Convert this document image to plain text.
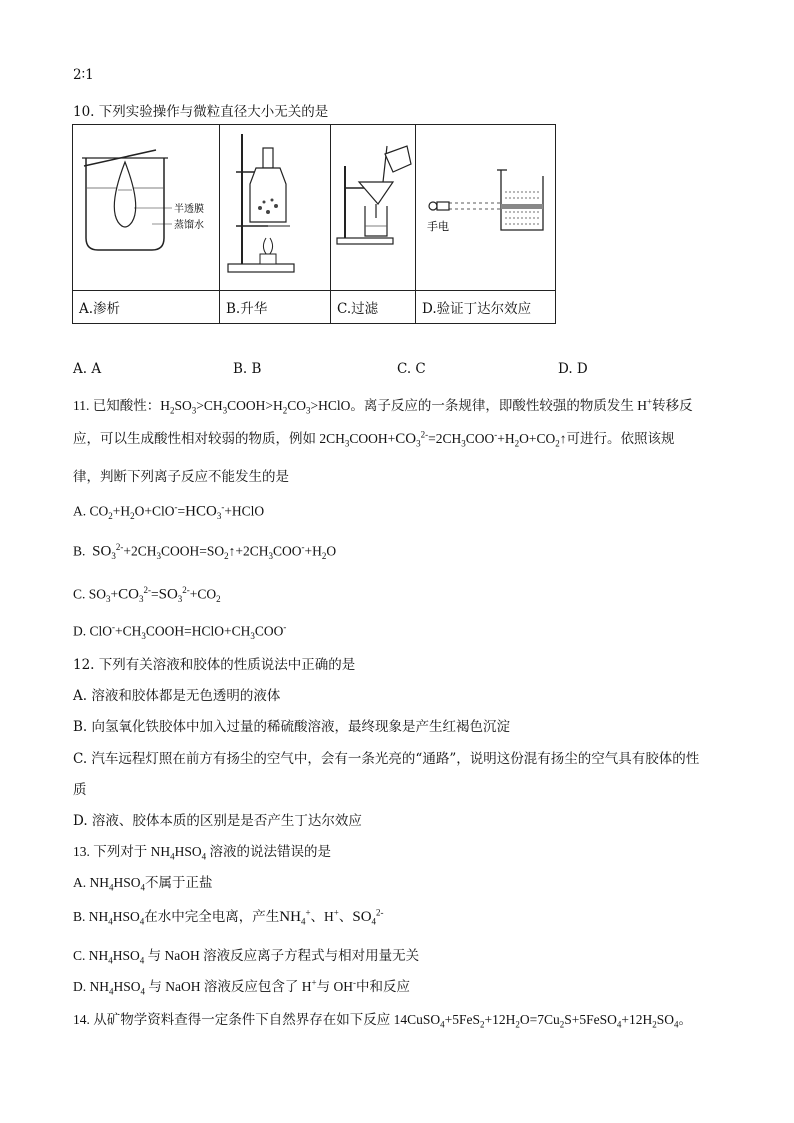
2∶1
10. 下列实验操作与微粒直径大小无关的是
半透膜
蒸馏水			手电

A.渗析	B.升华	C.过滤	D.验证丁达尔效应
A. A	B. B	C. C	D. D
11. 已知酸性：$H_2SO_3>CH_3COOH>H_2CO_3>HClO$。离子反应的一条规律，即酸性较强的物质发生 H+转移反
应，可以生成酸性相对较弱的物质，例如 $2CH_3COOH+CO_3^{2-}=2CH_3COO^-+H_2O+CO_2↑$可进行。依照该规
律，判断下列离子反应不能发生的是
A. $CO_2+H_2O+ClO^-=HCO_3^-+HClO$
B. $SO_3^{2-}+2CH_3COOH=SO_2↑+2CH_3COO^-+H_2O$
C. $SO_3+CO_3^{2-}=SO_3^{2-}+CO_2$
D. $ClO^-+CH_3COOH=HClO+CH_3COO^-$
12. 下列有关溶液和胶体的性质说法中正确的是
A. 溶液和胶体都是无色透明的液体
B. 向氢氧化铁胶体中加入过量的稀硫酸溶液，最终现象是产生红褐色沉淀
C. 汽车远程灯照在前方有扬尘的空气中，会有一条光亮的“通路”，说明这份混有扬尘的空气具有胶体的性
质
D. 溶液、胶体本质的区别是是否产生丁达尔效应
13. 下列对于 $NH_4HSO_4$ 溶液的说法错误的是
A. $NH_4HSO_4$不属于正盐
B. $NH_4HSO_4$在水中完全电离，产生$NH_4^+$、H+、$SO_4^{2-}$
C. $NH_4HSO_4$ 与 NaOH 溶液反应离子方程式与相对用量无关
D. $NH_4HSO_4$ 与 NaOH 溶液反应包含了 H+与 OH-中和反应
14. 从矿物学资料查得一定条件下自然界存在如下反应 $14CuSO_4+5FeS_2+12H_2O=7Cu_2S+5FeSO_4+12H_2SO_4$。
